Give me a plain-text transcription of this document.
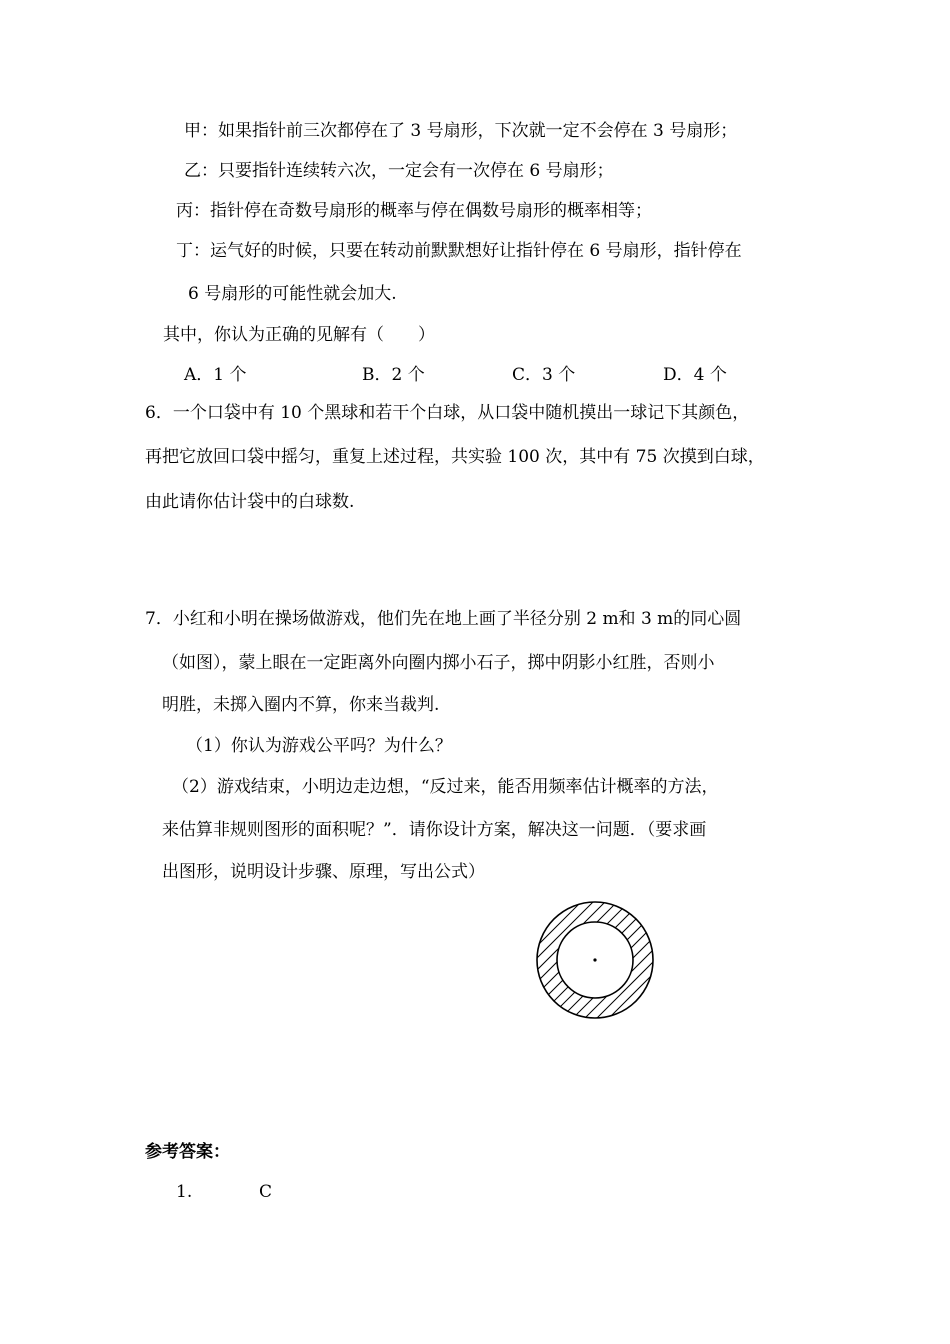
甲：如果指针前三次都停在了 3 号扇形，下次就一定不会停在 3 号扇形；
乙：只要指针连续转六次，一定会有一次停在 6 号扇形；
丙：指针停在奇数号扇形的概率与停在偶数号扇形的概率相等；
丁：运气好的时候，只要在转动前默默想好让指针停在 6 号扇形，指针停在
6 号扇形的可能性就会加大.
其中，你认为正确的见解有（　　）
A．1 个	B．2 个	C．3 个	D．4 个
6．一个口袋中有 10 个黑球和若干个白球，从口袋中随机摸出一球记下其颜色，
再把它放回口袋中摇匀，重复上述过程，共实验 100 次，其中有 75 次摸到白球，
由此请你估计袋中的白球数.
7．小红和小明在操场做游戏，他们先在地上画了半径分别 2 m和 3 m的同心圆
（如图），蒙上眼在一定距离外向圈内掷小石子，掷中阴影小红胜，否则小
明胜，未掷入圈内不算，你来当裁判.
（1）你认为游戏公平吗？为什么？
（2）游戏结束，小明边走边想，“反过来，能否用频率估计概率的方法，
来估算非规则图形的面积呢？”．请你设计方案，解决这一问题．（要求画
出图形，说明设计步骤、原理，写出公式）
参考答案：
1.	C
